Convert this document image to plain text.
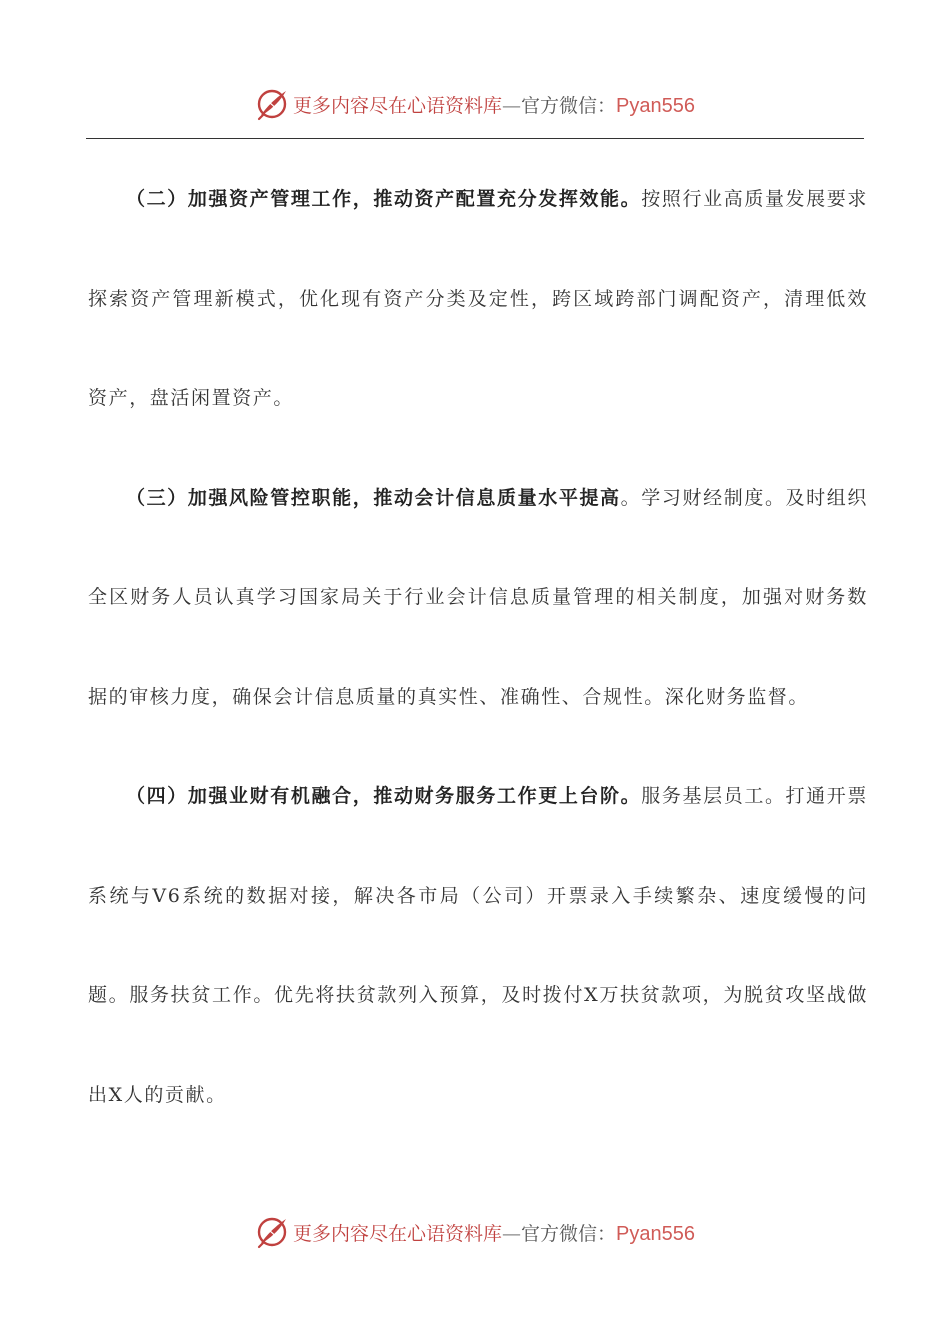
更多内容尽在心语资料库—官方微信：Pyan556

（二）加强资产管理工作，推动资产配置充分发挥效能。按照行业高质量发展要求探索资产管理新模式，优化现有资产分类及定性，跨区域跨部门调配资产，清理低效资产，盘活闲置资产。

（三）加强风险管控职能，推动会计信息质量水平提高。学习财经制度。及时组织全区财务人员认真学习国家局关于行业会计信息质量管理的相关制度，加强对财务数据的审核力度，确保会计信息质量的真实性、准确性、合规性。深化财务监督。

（四）加强业财有机融合，推动财务服务工作更上台阶。服务基层员工。打通开票系统与V6系统的数据对接，解决各市局（公司）开票录入手续繁杂、速度缓慢的问题。服务扶贫工作。优先将扶贫款列入预算，及时拨付X万扶贫款项，为脱贫攻坚战做出X人的贡献。

更多内容尽在心语资料库—官方微信：Pyan556
